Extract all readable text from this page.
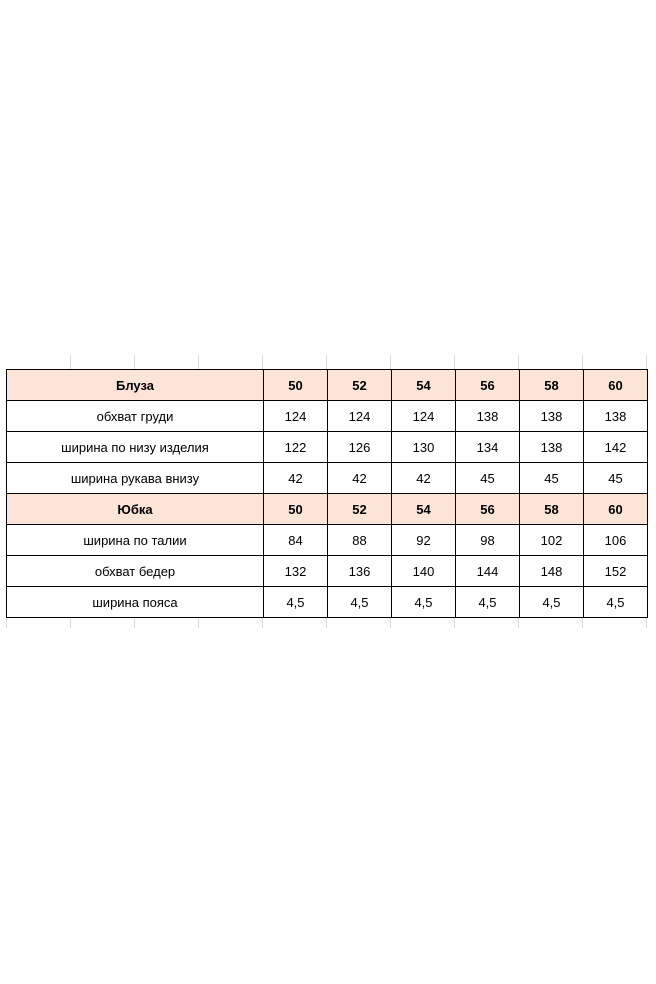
Блуза	50	52	54	56	58	60
обхват груди	124	124	124	138	138	138
ширина по низу изделия	122	126	130	134	138	142
ширина рукава внизу	42	42	42	45	45	45
Юбка	50	52	54	56	58	60
ширина по талии	84	88	92	98	102	106
обхват бедер	132	136	140	144	148	152
ширина пояса	4,5	4,5	4,5	4,5	4,5	4,5
